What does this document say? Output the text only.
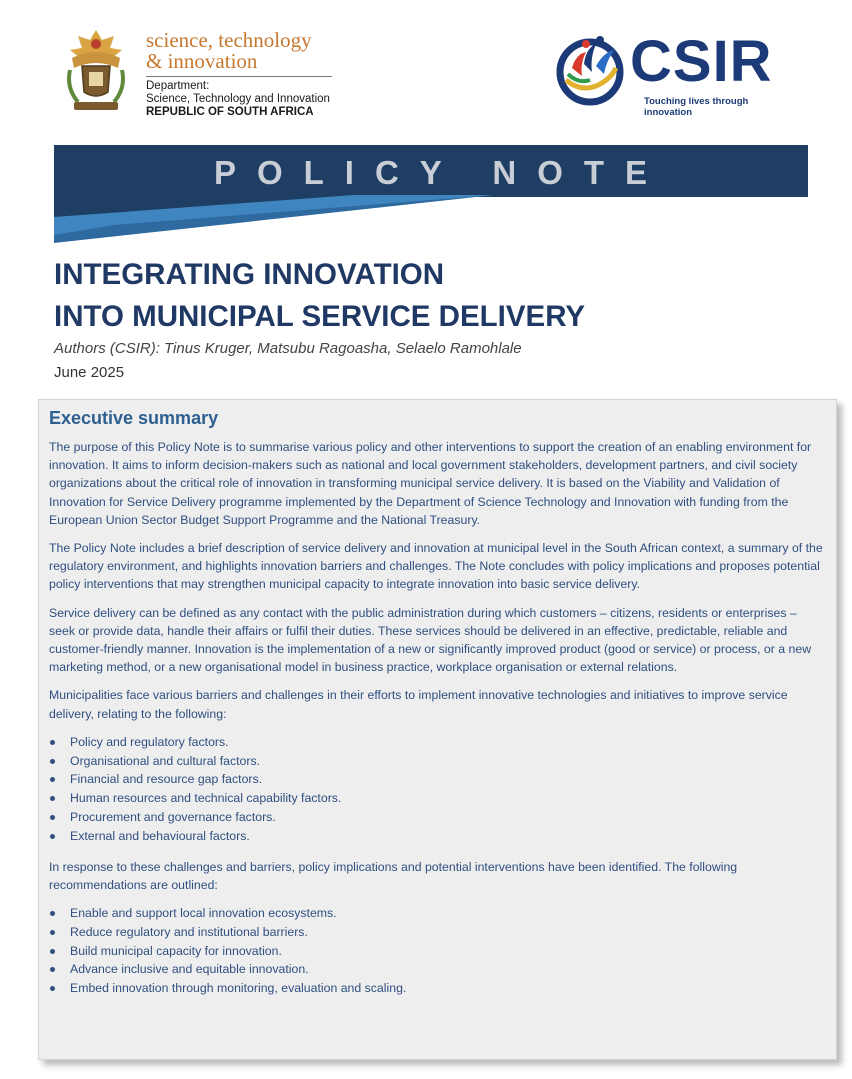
science, technology
& innovation
Department:
Science, Technology and Innovation
REPUBLIC OF SOUTH AFRICA
CSIR
Touching lives through innovation
POLICY NOTE
INTEGRATING INNOVATION
INTO MUNICIPAL SERVICE DELIVERY
Authors (CSIR): Tinus Kruger, Matsubu Ragoasha, Selaelo Ramohlale
June 2025
Executive summary

The purpose of this Policy Note is to summarise various policy and other interventions to support the creation of an enabling environment for innovation. It aims to inform decision-makers such as national and local government stakeholders, development partners, and civil society organizations about the critical role of innovation in transforming municipal service delivery. It is based on the Viability and Validation of Innovation for Service Delivery programme implemented by the Department of Science Technology and Innovation with funding from the European Union Sector Budget Support Programme and the National Treasury.

The Policy Note includes a brief description of service delivery and innovation at municipal level in the South African context, a summary of the regulatory environment, and highlights innovation barriers and challenges. The Note concludes with policy implications and proposes potential policy interventions that may strengthen municipal capacity to integrate innovation into basic service delivery.

Service delivery can be defined as any contact with the public administration during which customers – citizens, residents or enterprises – seek or provide data, handle their affairs or fulfil their duties. These services should be delivered in an effective, predictable, reliable and customer-friendly manner. Innovation is the implementation of a new or significantly improved product (good or service) or process, or a new marketing method, or a new organisational model in business practice, workplace organisation or external relations.

Municipalities face various barriers and challenges in their efforts to implement innovative technologies and initiatives to improve service delivery, relating to the following:

Policy and regulatory factors.
Organisational and cultural factors.
Financial and resource gap factors.
Human resources and technical capability factors.
Procurement and governance factors.
External and behavioural factors.

In response to these challenges and barriers, policy implications and potential interventions have been identified. The following recommendations are outlined:

Enable and support local innovation ecosystems.
Reduce regulatory and institutional barriers.
Build municipal capacity for innovation.
Advance inclusive and equitable innovation.
Embed innovation through monitoring, evaluation and scaling.
